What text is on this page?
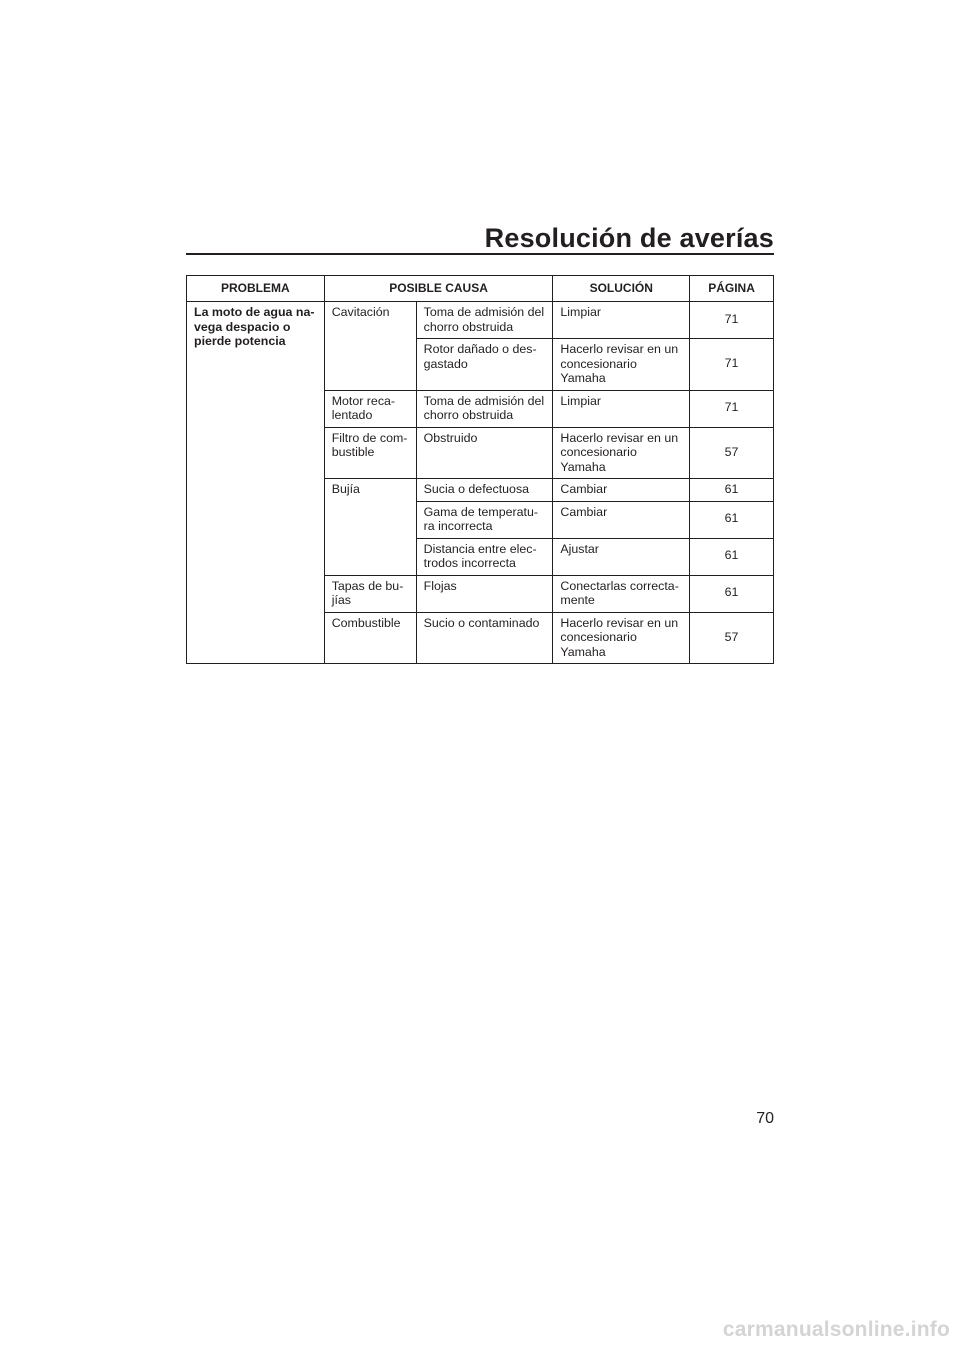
Resolución de averías
PROBLEMA	POSIBLE CAUSA		SOLUCIÓN	PÁGINA
La moto de agua na-
vega despacio o
pierde potencia	Cavitación	Toma de admisión del
chorro obstruida	Limpiar	71
		Rotor dañado o des-
gastado	Hacerlo revisar en un
concesionario
Yamaha	71
	Motor reca-
lentado	Toma de admisión del
chorro obstruida	Limpiar	71
	Filtro de com-
bustible	Obstruido	Hacerlo revisar en un
concesionario
Yamaha	57
	Bujía	Sucia o defectuosa	Cambiar	61
		Gama de temperatu-
ra incorrecta	Cambiar	61
		Distancia entre elec-
trodos incorrecta	Ajustar	61
	Tapas de bu-
jías	Flojas	Conectarlas correcta-
mente	61
	Combustible	Sucio o contaminado	Hacerlo revisar en un
concesionario
Yamaha	57

70

carmanualsonline.info
